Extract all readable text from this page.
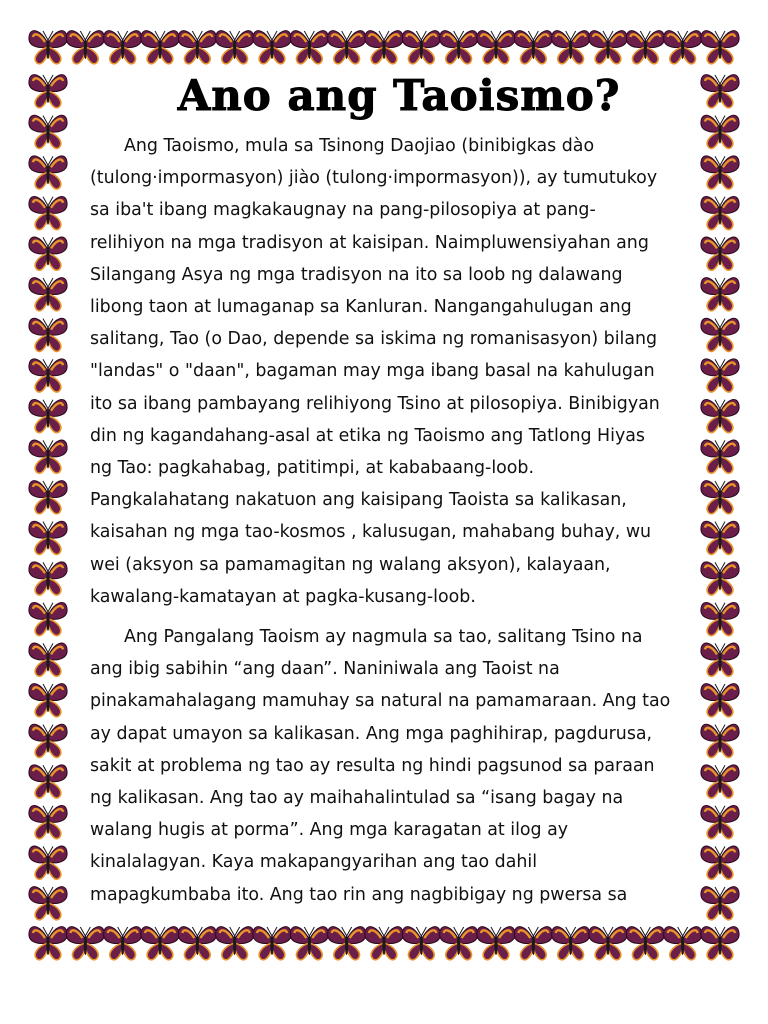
Ano ang Taoismo?

Ang Taoismo, mula sa Tsinong Daojiao (binibigkas dào
(tulong·impormasyon) jiào (tulong·impormasyon)), ay tumutukoy
sa iba't ibang magkakaugnay na pang-pilosopiya at pang-
relihiyon na mga tradisyon at kaisipan. Naimpluwensiyahan ang
Silangang Asya ng mga tradisyon na ito sa loob ng dalawang
libong taon at lumaganap sa Kanluran. Nangangahulugan ang
salitang, Tao (o Dao, depende sa iskima ng romanisasyon) bilang
"landas" o "daan", bagaman may mga ibang basal na kahulugan
ito sa ibang pambayang relihiyong Tsino at pilosopiya. Binibigyan
din ng kagandahang-asal at etika ng Taoismo ang Tatlong Hiyas
ng Tao: pagkahabag, patitimpi, at kababaang-loob.
Pangkalahatang nakatuon ang kaisipang Taoista sa kalikasan,
kaisahan ng mga tao-kosmos , kalusugan, mahabang buhay, wu
wei (aksyon sa pamamagitan ng walang aksyon), kalayaan,
kawalang-kamatayan at pagka-kusang-loob.

Ang Pangalang Taoism ay nagmula sa tao, salitang Tsino na
ang ibig sabihin “ang daan”. Naniniwala ang Taoist na
pinakamahalagang mamuhay sa natural na pamamaraan. Ang tao
ay dapat umayon sa kalikasan. Ang mga paghihirap, pagdurusa,
sakit at problema ng tao ay resulta ng hindi pagsunod sa paraan
ng kalikasan. Ang tao ay maihahalintulad sa “isang bagay na
walang hugis at porma”. Ang mga karagatan at ilog ay
kinalalagyan. Kaya makapangyarihan ang tao dahil
mapagkumbaba ito. Ang tao rin ang nagbibigay ng pwersa sa
